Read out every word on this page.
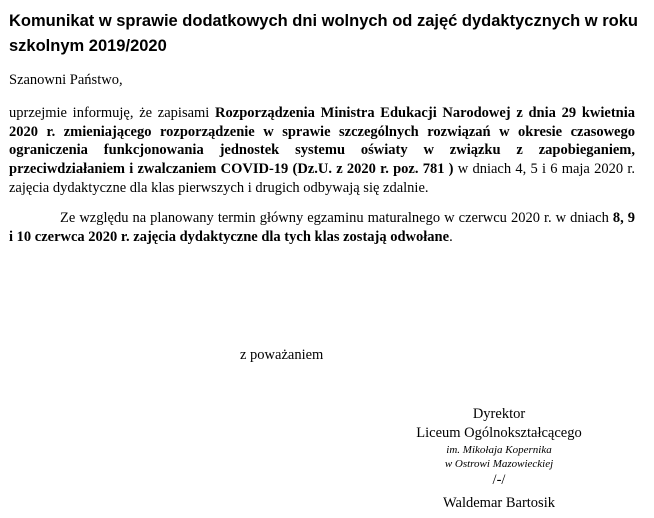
Komunikat w sprawie dodatkowych dni wolnych od zajęć dydaktycznych w roku szkolnym 2019/2020

Szanowni Państwo,

uprzejmie informuję, że zapisami Rozporządzenia Ministra Edukacji Narodowej z dnia 29 kwietnia 2020 r. zmieniającego rozporządzenie w sprawie szczególnych rozwiązań w okresie czasowego ograniczenia funkcjonowania jednostek systemu oświaty w związku z zapobieganiem, przeciwdziałaniem i zwalczaniem COVID-19 (Dz.U. z 2020 r. poz. 781 ) w dniach 4, 5 i 6 maja 2020 r. zajęcia dydaktyczne dla klas pierwszych i drugich odbywają się zdalnie.

Ze względu na planowany termin główny egzaminu maturalnego w czerwcu 2020 r. w dniach 8, 9 i 10 czerwca 2020 r. zajęcia dydaktyczne dla tych klas zostają odwołane.

z poważaniem

Dyrektor
Liceum Ogólnokształcącego
im. Mikołaja Kopernika
w Ostrowi Mazowieckiej
/-/
Waldemar Bartosik
